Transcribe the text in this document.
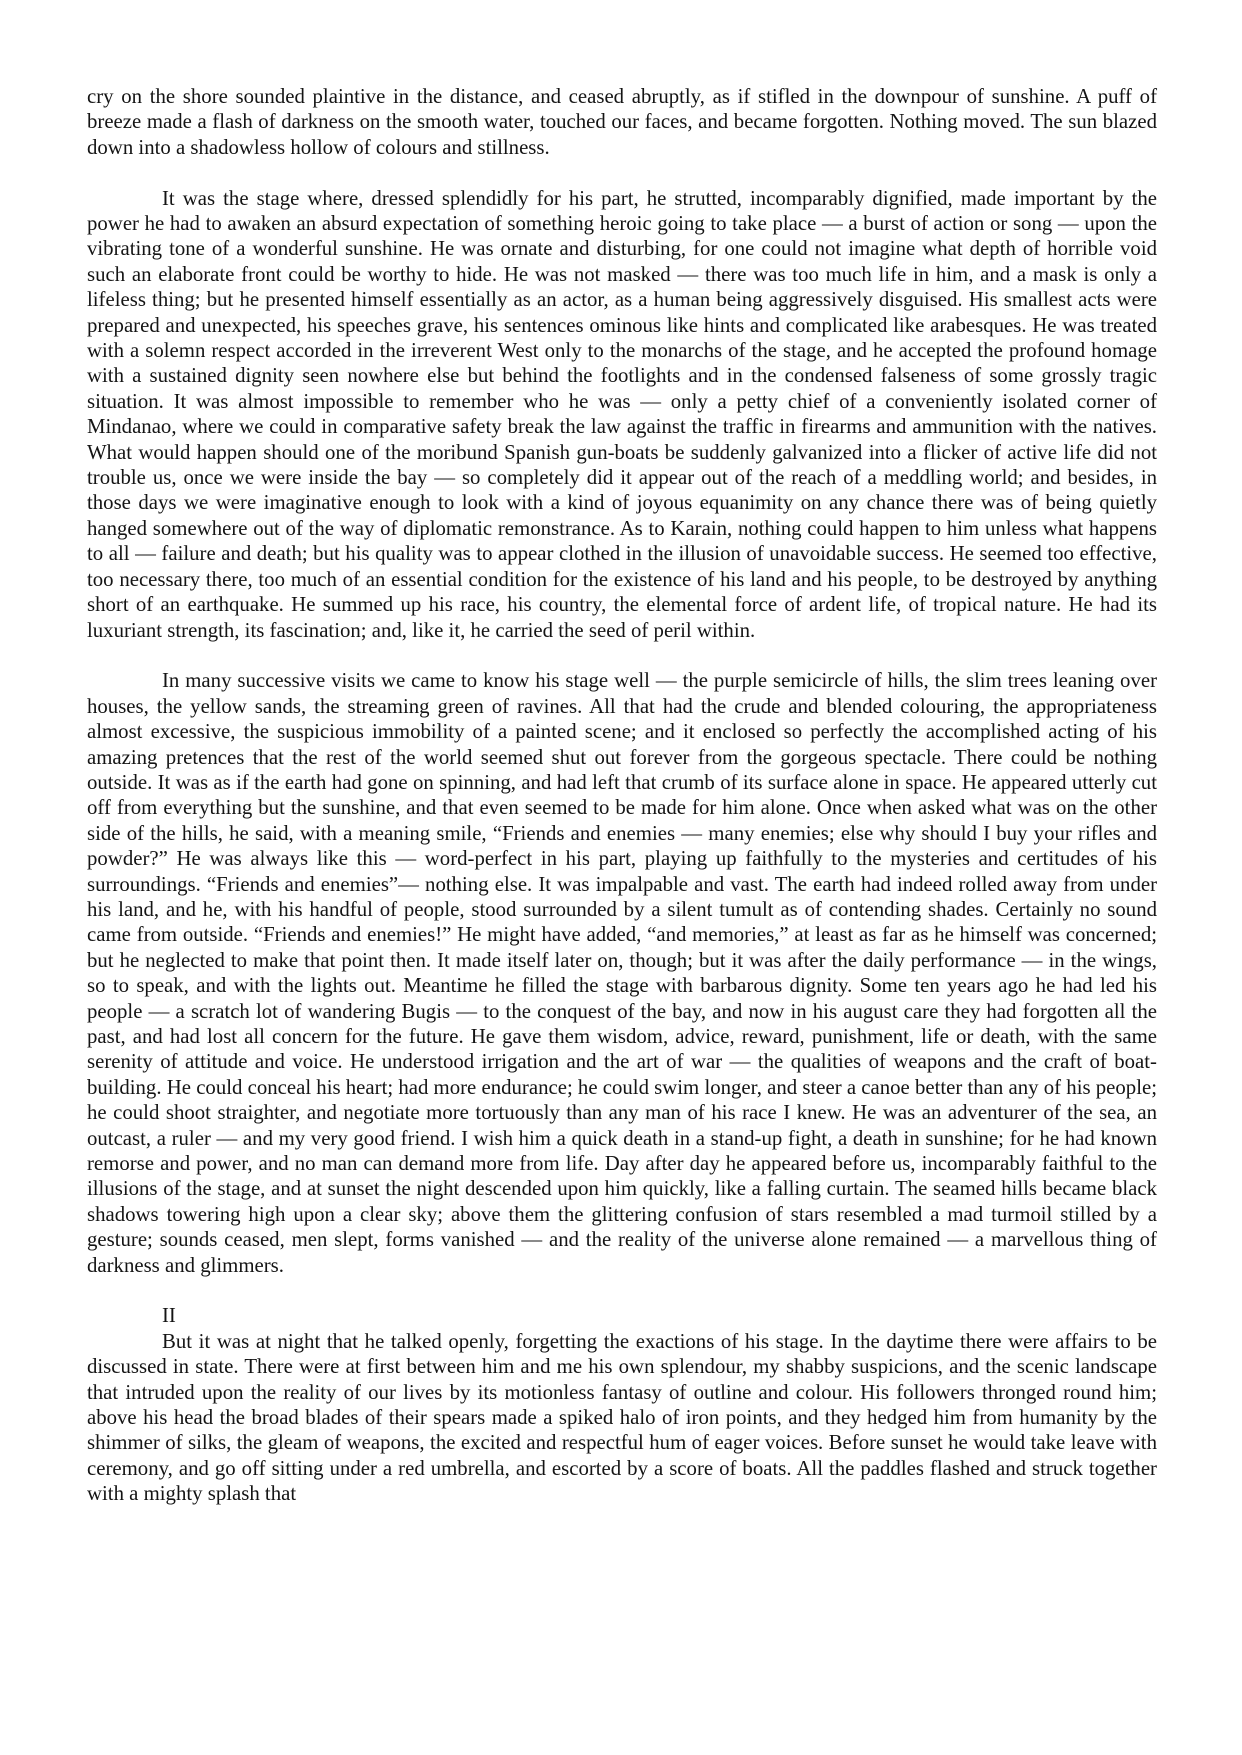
cry on the shore sounded plaintive in the distance, and ceased abruptly, as if stifled in the downpour of sunshine. A puff of breeze made a flash of darkness on the smooth water, touched our faces, and became forgotten. Nothing moved. The sun blazed down into a shadowless hollow of colours and stillness.

It was the stage where, dressed splendidly for his part, he strutted, incomparably dignified, made important by the power he had to awaken an absurd expectation of something heroic going to take place — a burst of action or song — upon the vibrating tone of a wonderful sunshine. He was ornate and disturbing, for one could not imagine what depth of horrible void such an elaborate front could be worthy to hide. He was not masked — there was too much life in him, and a mask is only a lifeless thing; but he presented himself essentially as an actor, as a human being aggressively disguised. His smallest acts were prepared and unexpected, his speeches grave, his sentences ominous like hints and complicated like arabesques. He was treated with a solemn respect accorded in the irreverent West only to the monarchs of the stage, and he accepted the profound homage with a sustained dignity seen nowhere else but behind the footlights and in the condensed falseness of some grossly tragic situation. It was almost impossible to remember who he was — only a petty chief of a conveniently isolated corner of Mindanao, where we could in comparative safety break the law against the traffic in firearms and ammunition with the natives. What would happen should one of the moribund Spanish gun-boats be suddenly galvanized into a flicker of active life did not trouble us, once we were inside the bay — so completely did it appear out of the reach of a meddling world; and besides, in those days we were imaginative enough to look with a kind of joyous equanimity on any chance there was of being quietly hanged somewhere out of the way of diplomatic remonstrance. As to Karain, nothing could happen to him unless what happens to all — failure and death; but his quality was to appear clothed in the illusion of unavoidable success. He seemed too effective, too necessary there, too much of an essential condition for the existence of his land and his people, to be destroyed by anything short of an earthquake. He summed up his race, his country, the elemental force of ardent life, of tropical nature. He had its luxuriant strength, its fascination; and, like it, he carried the seed of peril within.

In many successive visits we came to know his stage well — the purple semicircle of hills, the slim trees leaning over houses, the yellow sands, the streaming green of ravines. All that had the crude and blended colouring, the appropriateness almost excessive, the suspicious immobility of a painted scene; and it enclosed so perfectly the accomplished acting of his amazing pretences that the rest of the world seemed shut out forever from the gorgeous spectacle. There could be nothing outside. It was as if the earth had gone on spinning, and had left that crumb of its surface alone in space. He appeared utterly cut off from everything but the sunshine, and that even seemed to be made for him alone. Once when asked what was on the other side of the hills, he said, with a meaning smile, “Friends and enemies — many enemies; else why should I buy your rifles and powder?” He was always like this — word-perfect in his part, playing up faithfully to the mysteries and certitudes of his surroundings. “Friends and enemies”— nothing else. It was impalpable and vast. The earth had indeed rolled away from under his land, and he, with his handful of people, stood surrounded by a silent tumult as of contending shades. Certainly no sound came from outside. “Friends and enemies!” He might have added, “and memories,” at least as far as he himself was concerned; but he neglected to make that point then. It made itself later on, though; but it was after the daily performance — in the wings, so to speak, and with the lights out. Meantime he filled the stage with barbarous dignity. Some ten years ago he had led his people — a scratch lot of wandering Bugis — to the conquest of the bay, and now in his august care they had forgotten all the past, and had lost all concern for the future. He gave them wisdom, advice, reward, punishment, life or death, with the same serenity of attitude and voice. He understood irrigation and the art of war — the qualities of weapons and the craft of boat-building. He could conceal his heart; had more endurance; he could swim longer, and steer a canoe better than any of his people; he could shoot straighter, and negotiate more tortuously than any man of his race I knew. He was an adventurer of the sea, an outcast, a ruler — and my very good friend. I wish him a quick death in a stand-up fight, a death in sunshine; for he had known remorse and power, and no man can demand more from life. Day after day he appeared before us, incomparably faithful to the illusions of the stage, and at sunset the night descended upon him quickly, like a falling curtain. The seamed hills became black shadows towering high upon a clear sky; above them the glittering confusion of stars resembled a mad turmoil stilled by a gesture; sounds ceased, men slept, forms vanished — and the reality of the universe alone remained — a marvellous thing of darkness and glimmers.

II

But it was at night that he talked openly, forgetting the exactions of his stage. In the daytime there were affairs to be discussed in state. There were at first between him and me his own splendour, my shabby suspicions, and the scenic landscape that intruded upon the reality of our lives by its motionless fantasy of outline and colour. His followers thronged round him; above his head the broad blades of their spears made a spiked halo of iron points, and they hedged him from humanity by the shimmer of silks, the gleam of weapons, the excited and respectful hum of eager voices. Before sunset he would take leave with ceremony, and go off sitting under a red umbrella, and escorted by a score of boats. All the paddles flashed and struck together with a mighty splash that
